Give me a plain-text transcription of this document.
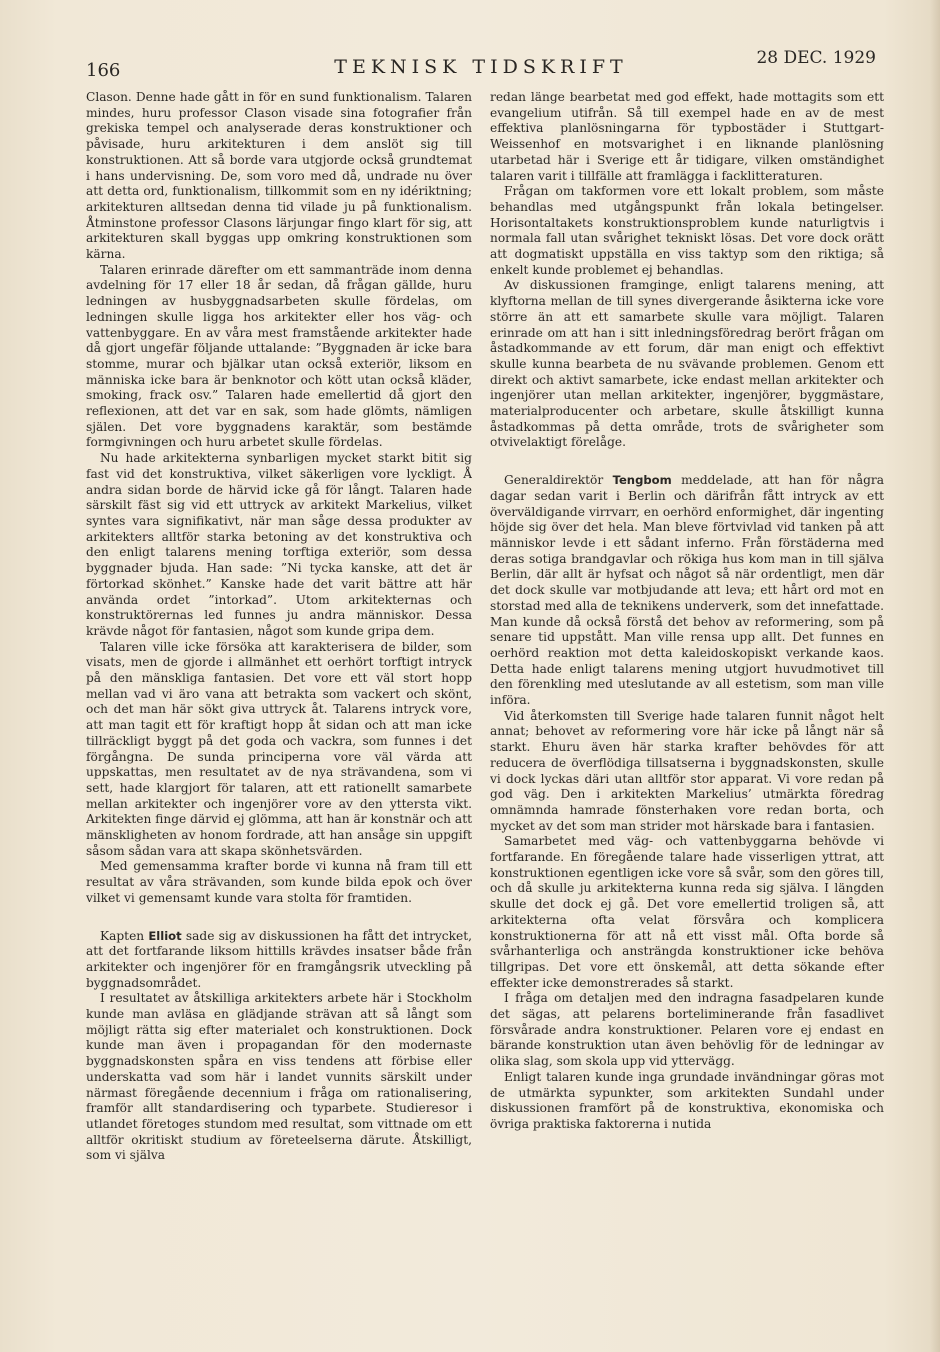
166	TEKNISK TIDSKRIFT	28 DEC. 1929

Clason. Denne hade gått in för en sund funktionalism. Talaren mindes, huru professor Clason visade sina fotografier från grekiska tempel och analyserade deras konstruktioner och påvisade, huru arkitekturen i dem anslöt sig till konstruktionen. Att så borde vara utgjorde också grundtemat i hans undervisning. De, som voro med då, undrade nu över att detta ord, funktionalism, tillkommit som en ny idériktning; arkitekturen alltsedan denna tid vilade ju på funktionalism. Åtminstone professor Clasons lärjungar fingo klart för sig, att arkitekturen skall byggas upp omkring konstruktionen som kärna.

Talaren erinrade därefter om ett sammanträde inom denna avdelning för 17 eller 18 år sedan, då frågan gällde, huru ledningen av husbyggnadsarbeten skulle fördelas, om ledningen skulle ligga hos arkitekter eller hos väg- och vattenbyggare. En av våra mest framstående arkitekter hade då gjort ungefär följande uttalande: ”Byggnaden är icke bara stomme, murar och bjälkar utan också exteriör, liksom en människa icke bara är benknotor och kött utan också kläder, smoking, frack osv.” Talaren hade emellertid då gjort den reflexionen, att det var en sak, som hade glömts, nämligen själen. Det vore byggnadens karaktär, som bestämde formgivningen och huru arbetet skulle fördelas.

Nu hade arkitekterna synbarligen mycket starkt bitit sig fast vid det konstruktiva, vilket säkerligen vore lyckligt. Å andra sidan borde de härvid icke gå för långt. Talaren hade särskilt fäst sig vid ett uttryck av arkitekt Markelius, vilket syntes vara signifikativt, när man såge dessa produkter av arkitekters alltför starka betoning av det konstruktiva och den enligt talarens mening torftiga exteriör, som dessa byggnader bjuda. Han sade: ”Ni tycka kanske, att det är förtorkad skönhet.” Kanske hade det varit bättre att här använda ordet ”intorkad”. Utom arkitekternas och konstruktörernas led funnes ju andra människor. Dessa krävde något för fantasien, något som kunde gripa dem.

Talaren ville icke försöka att karakterisera de bilder, som visats, men de gjorde i allmänhet ett oerhört torftigt intryck på den mänskliga fantasien. Det vore ett väl stort hopp mellan vad vi äro vana att betrakta som vackert och skönt, och det man här sökt giva uttryck åt. Talarens intryck vore, att man tagit ett för kraftigt hopp åt sidan och att man icke tillräckligt byggt på det goda och vackra, som funnes i det förgångna. De sunda principerna vore väl värda att uppskattas, men resultatet av de nya strävandena, som vi sett, hade klargjort för talaren, att ett rationellt samarbete mellan arkitekter och ingenjörer vore av den yttersta vikt. Arkitekten finge därvid ej glömma, att han är konstnär och att mänskligheten av honom fordrade, att han ansåge sin uppgift såsom sådan vara att skapa skönhetsvärden.

Med gemensamma krafter borde vi kunna nå fram till ett resultat av våra strävanden, som kunde bilda epok och över vilket vi gemensamt kunde vara stolta för framtiden.

Kapten Elliot sade sig av diskussionen ha fått det intrycket, att det fortfarande liksom hittills krävdes insatser både från arkitekter och ingenjörer för en framgångsrik utveckling på byggnadsområdet.

I resultatet av åtskilliga arkitekters arbete här i Stockholm kunde man avläsa en glädjande strävan att så långt som möjligt rätta sig efter materialet och konstruktionen. Dock kunde man även i propagandan för den modernaste byggnadskonsten spåra en viss tendens att förbise eller underskatta vad som här i landet vunnits särskilt under närmast föregående decennium i fråga om rationalisering, framför allt standardisering och typarbete. Studieresor i utlandet företoges stundom med resultat, som vittnade om ett alltför okritiskt studium av företeelserna därute. Åtskilligt, som vi själva

redan länge bearbetat med god effekt, hade mottagits som ett evangelium utifrån. Så till exempel hade en av de mest effektiva planlösningarna för typbostäder i Stuttgart-Weissenhof en motsvarighet i en liknande planlösning utarbetad här i Sverige ett år tidigare, vilken omständighet talaren varit i tillfälle att framlägga i facklitteraturen.

Frågan om takformen vore ett lokalt problem, som måste behandlas med utgångspunkt från lokala betingelser. Horisontaltakets konstruktionsproblem kunde naturligtvis i normala fall utan svårighet tekniskt lösas. Det vore dock orätt att dogmatiskt uppställa en viss taktyp som den riktiga; så enkelt kunde problemet ej behandlas.

Av diskussionen framginge, enligt talarens mening, att klyftorna mellan de till synes divergerande åsikterna icke vore större än att ett samarbete skulle vara möjligt. Talaren erinrade om att han i sitt inledningsföredrag berört frågan om åstadkommande av ett forum, där man enigt och effektivt skulle kunna bearbeta de nu svävande problemen. Genom ett direkt och aktivt samarbete, icke endast mellan arkitekter och ingenjörer utan mellan arkitekter, ingenjörer, byggmästare, materialproducenter och arbetare, skulle åtskilligt kunna åstadkommas på detta område, trots de svårigheter som otvivelaktigt förelåge.

Generaldirektör Tengbom meddelade, att han för några dagar sedan varit i Berlin och därifrån fått intryck av ett överväldigande virrvarr, en oerhörd enformighet, där ingenting höjde sig över det hela. Man bleve förtvivlad vid tanken på att människor levde i ett sådant inferno. Från förstäderna med deras sotiga brandgavlar och rökiga hus kom man in till själva Berlin, där allt är hyfsat och något så när ordentligt, men där det dock skulle var motbjudande att leva; ett hårt ord mot en storstad med alla de teknikens underverk, som det innefattade. Man kunde då också förstå det behov av reformering, som på senare tid uppstått. Man ville rensa upp allt. Det funnes en oerhörd reaktion mot detta kaleidoskopiskt verkande kaos. Detta hade enligt talarens mening utgjort huvudmotivet till den förenkling med uteslutande av all estetism, som man ville införa.

Vid återkomsten till Sverige hade talaren funnit något helt annat; behovet av reformering vore här icke på långt när så starkt. Ehuru även här starka krafter behövdes för att reducera de överflödiga tillsatserna i byggnadskonsten, skulle vi dock lyckas däri utan alltför stor apparat. Vi vore redan på god väg. Den i arkitekten Markelius’ utmärkta föredrag omnämnda hamrade fönsterhaken vore redan borta, och mycket av det som man strider mot härskade bara i fantasien.

Samarbetet med väg- och vattenbyggarna behövde vi fortfarande. En föregående talare hade visserligen yttrat, att konstruktionen egentligen icke vore så svår, som den göres till, och då skulle ju arkitekterna kunna reda sig själva. I längden skulle det dock ej gå. Det vore emellertid troligen så, att arkitekterna ofta velat försvåra och komplicera konstruktionerna för att nå ett visst mål. Ofta borde så svårhanterliga och ansträngda konstruktioner icke behöva tillgripas. Det vore ett önskemål, att detta sökande efter effekter icke demonstrerades så starkt.

I fråga om detaljen med den indragna fasadpelaren kunde det sägas, att pelarens borteliminerande från fasadlivet försvårade andra konstruktioner. Pelaren vore ej endast en bärande konstruktion utan även behövlig för de ledningar av olika slag, som skola upp vid yttervägg.

Enligt talaren kunde inga grundade invändningar göras mot de utmärkta sypunkter, som arkitekten Sundahl under diskussionen framfört på de konstruktiva, ekonomiska och övriga praktiska faktorerna i nutida
